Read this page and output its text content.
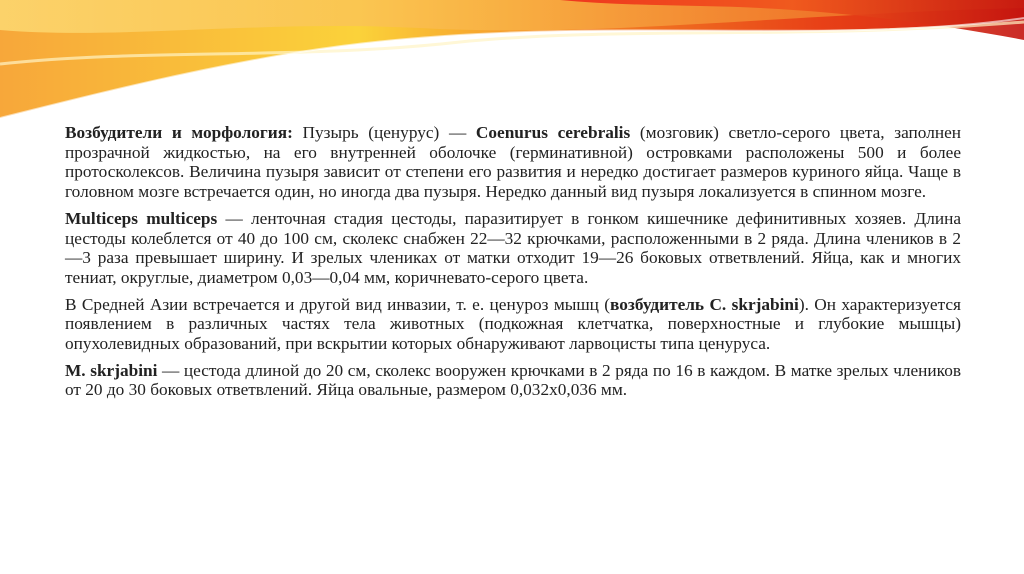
Возбудители и морфология: Пузырь (ценурус) — Coenurus cerebralis (мозговик) светло-серого цвета, заполнен прозрачной жидкостью, на его внутренней оболочке (герминативной) островками расположены 500 и более протосколексов. Величина пузыря зависит от степени его развития и нередко достигает размеров куриного яйца. Чаще в головном мозге встречается один, но иногда два пузыря. Нередко данный вид пузыря локализуется в спинном мозге.

Multiceps multiceps — ленточная стадия цестоды, паразитирует в гонком кишечнике дефинитивных хозяев. Длина цестоды колеблется от 40 до 100 см, сколекс снабжен 22—32 крючками, расположенными в 2 ряда. Длина члеников в 2—3 раза превышает ширину. И зрелых члениках от матки отходит 19—26 боковых ответвлений. Яйца, как и многих тениат, округлые, диаметром 0,03—0,04 мм, коричневато-серого цвета.

В Средней Азии встречается и другой вид инвазии, т. е. ценуроз мышц (возбудитель C. skrjabini). Он характеризуется появлением в различных частях тела животных (подкожная клетчатка, поверхностные и глубокие мышцы) опухолевидных образований, при вскрытии которых обнаруживают ларвоцисты типа ценуруса.

M. skrjabini — цестода длиной до 20 см, сколекс вооружен крючками в 2 ряда по 16 в каждом. В матке зрелых члеников от 20 до 30 боковых ответвлений. Яйца овальные, размером 0,032х0,036 мм.
